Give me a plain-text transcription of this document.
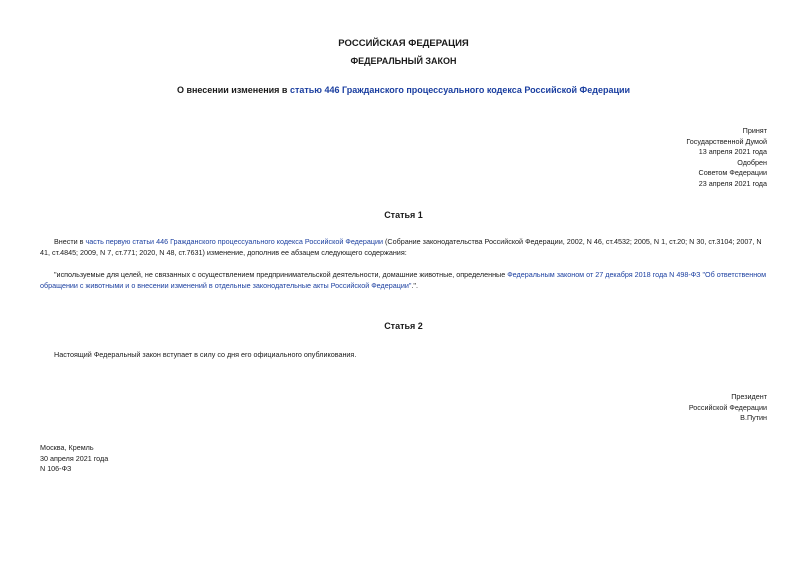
РОССИЙСКАЯ ФЕДЕРАЦИЯ
ФЕДЕРАЛЬНЫЙ ЗАКОН
О внесении изменения в статью 446 Гражданского процессуального кодекса Российской Федерации
Принят
Государственной Думой
13 апреля 2021 года
Одобрен
Советом Федерации
23 апреля 2021 года
Статья 1
Внести в часть первую статьи 446 Гражданского процессуального кодекса Российской Федерации (Собрание законодательства Российской Федерации, 2002, N 46, ст.4532; 2005, N 1, ст.20; N 30, ст.3104; 2007, N 41, ст.4845; 2009, N 7, ст.771; 2020, N 48, ст.7631) изменение, дополнив ее абзацем следующего содержания:
"используемые для целей, не связанных с осуществлением предпринимательской деятельности, домашние животные, определенные Федеральным законом от 27 декабря 2018 года N 498-ФЗ "Об ответственном обращении с животными и о внесении изменений в отдельные законодательные акты Российской Федерации".".
Статья 2
Настоящий Федеральный закон вступает в силу со дня его официального опубликования.
Президент
Российской Федерации
В.Путин
Москва, Кремль
30 апреля 2021 года
N 106-ФЗ
